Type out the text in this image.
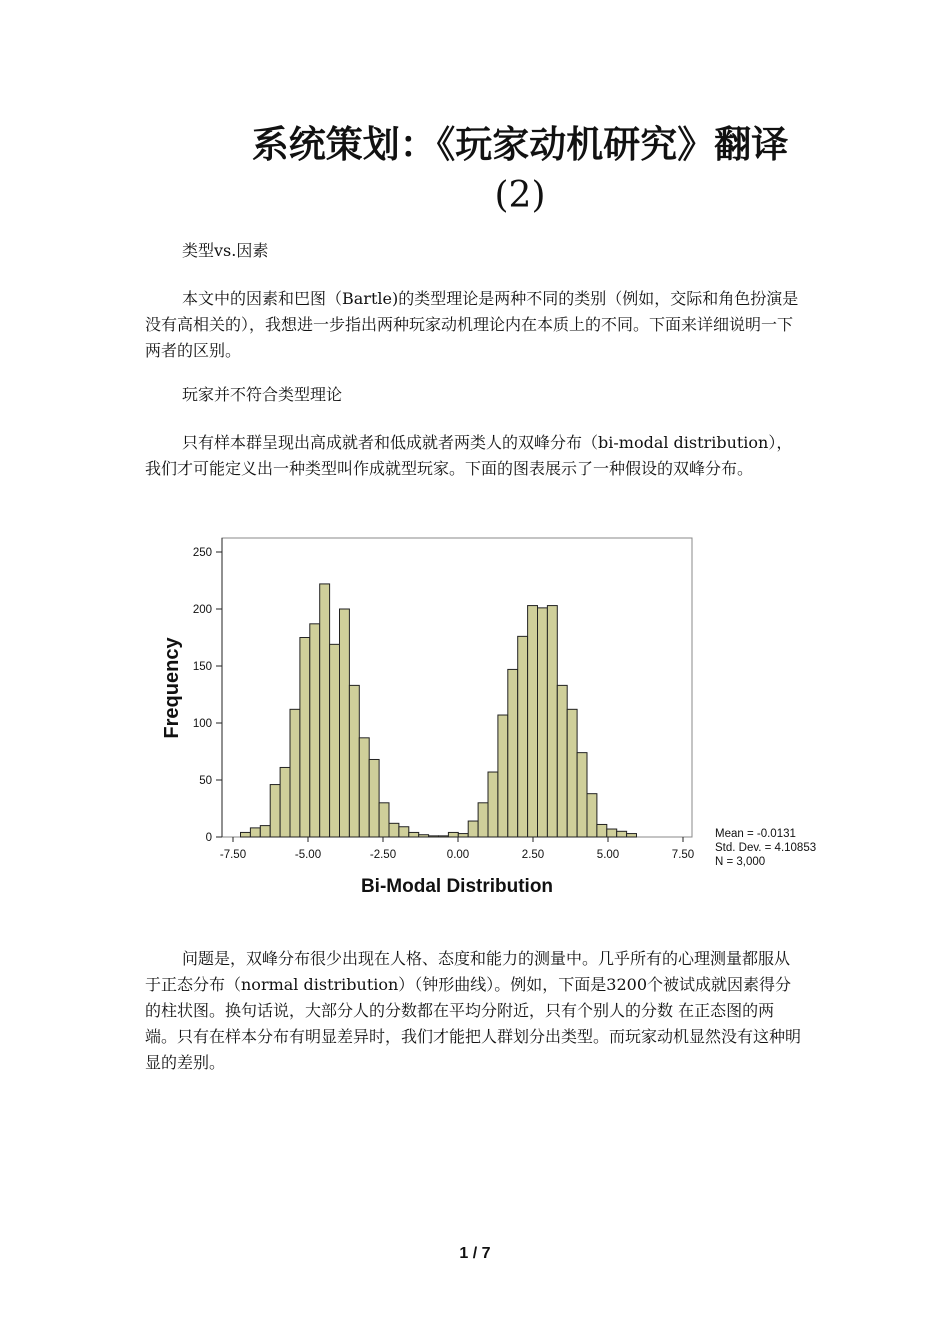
系统策划：《玩家动机研究》翻译
(2)

类型vs.因素

本文中的因素和巴图（Bartle)的类型理论是两种不同的类别（例如，交际和角色扮演是没有高相关的），我想进一步指出两种玩家动机理论内在本质上的不同。下面来详细说明一下两者的区别。

玩家并不符合类型理论

只有样本群呈现出高成就者和低成就者两类人的双峰分布（bi-modal distribution），我们才可能定义出一种类型叫作成就型玩家。下面的图表展示了一种假设的双峰分布。

0
50
100
150
200
250
-7.50	-5.00	-2.50	0.00	2.50	5.00	7.50
Frequency
Bi-Modal Distribution
Mean = -0.0131
Std. Dev. = 4.10853
N = 3,000

问题是，双峰分布很少出现在人格、态度和能力的测量中。几乎所有的心理测量都服从于正态分布（normal distribution）（钟形曲线）。例如，下面是3200个被试成就因素得分的柱状图。换句话说，大部分人的分数都在平均分附近，只有个别人的分数 在正态图的两端。只有在样本分布有明显差异时，我们才能把人群划分出类型。而玩家动机显然没有这种明显的差别。

1 / 7
